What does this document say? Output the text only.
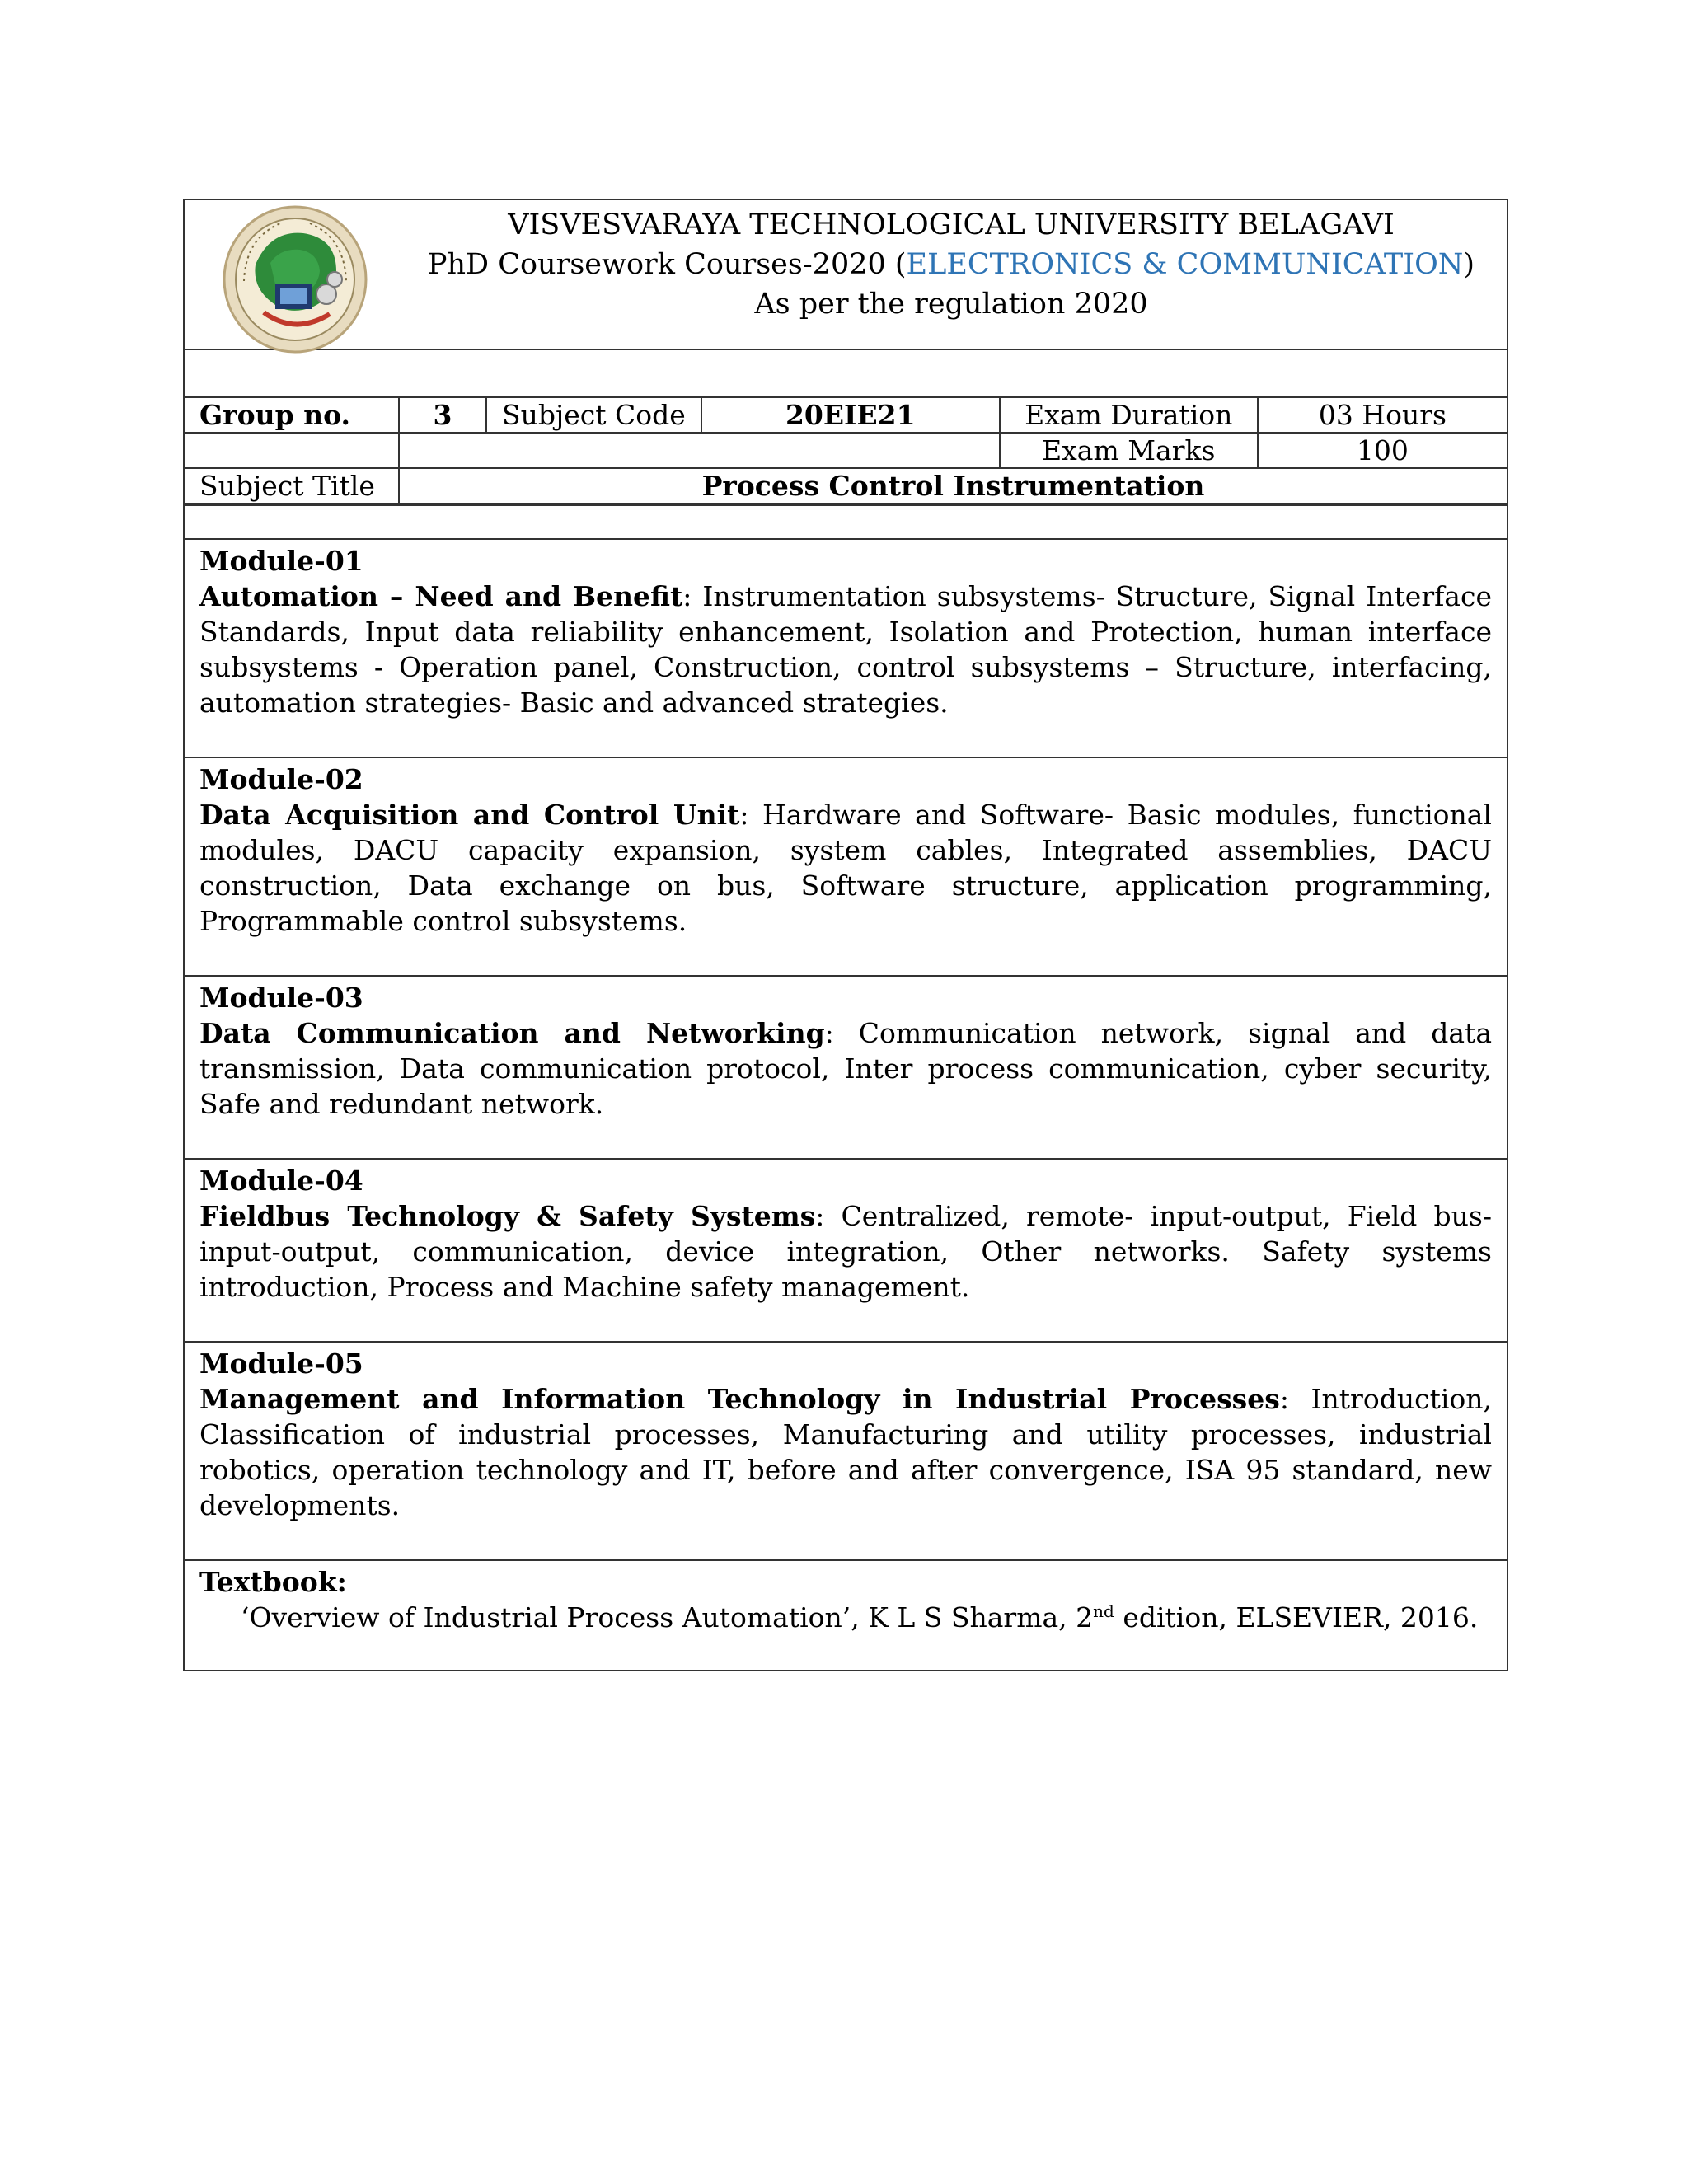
VISVESVARAYA TECHNOLOGICAL UNIVERSITY BELAGAVI
PhD Coursework Courses-2020 (ELECTRONICS & COMMUNICATION)
As per the regulation 2020
Group no.	3	Subject Code	20EIE21	Exam Duration	03 Hours
				Exam Marks	100
Subject Title	Process Control Instrumentation				
Module-01
Automation – Need and Benefit: Instrumentation subsystems- Structure, Signal Interface Standards, Input data reliability enhancement, Isolation and Protection, human interface subsystems - Operation panel, Construction, control subsystems – Structure, interfacing, automation strategies- Basic and advanced strategies.
Module-02
Data Acquisition and Control Unit: Hardware and Software- Basic modules, functional modules, DACU capacity expansion, system cables, Integrated assemblies, DACU construction, Data exchange on bus, Software structure, application programming, Programmable control subsystems.
Module-03
Data Communication and Networking: Communication network, signal and data transmission, Data communication protocol, Inter process communication, cyber security, Safe and redundant network.
Module-04
Fieldbus Technology & Safety Systems: Centralized, remote- input-output, Field bus- input-output, communication, device integration, Other networks. Safety systems introduction, Process and Machine safety management.
Module-05
Management and Information Technology in Industrial Processes: Introduction, Classification of industrial processes, Manufacturing and utility processes, industrial robotics, operation technology and IT, before and after convergence, ISA 95 standard, new developments.
Textbook:
‘Overview of Industrial Process Automation’, K L S Sharma, 2nd edition, ELSEVIER, 2016.
